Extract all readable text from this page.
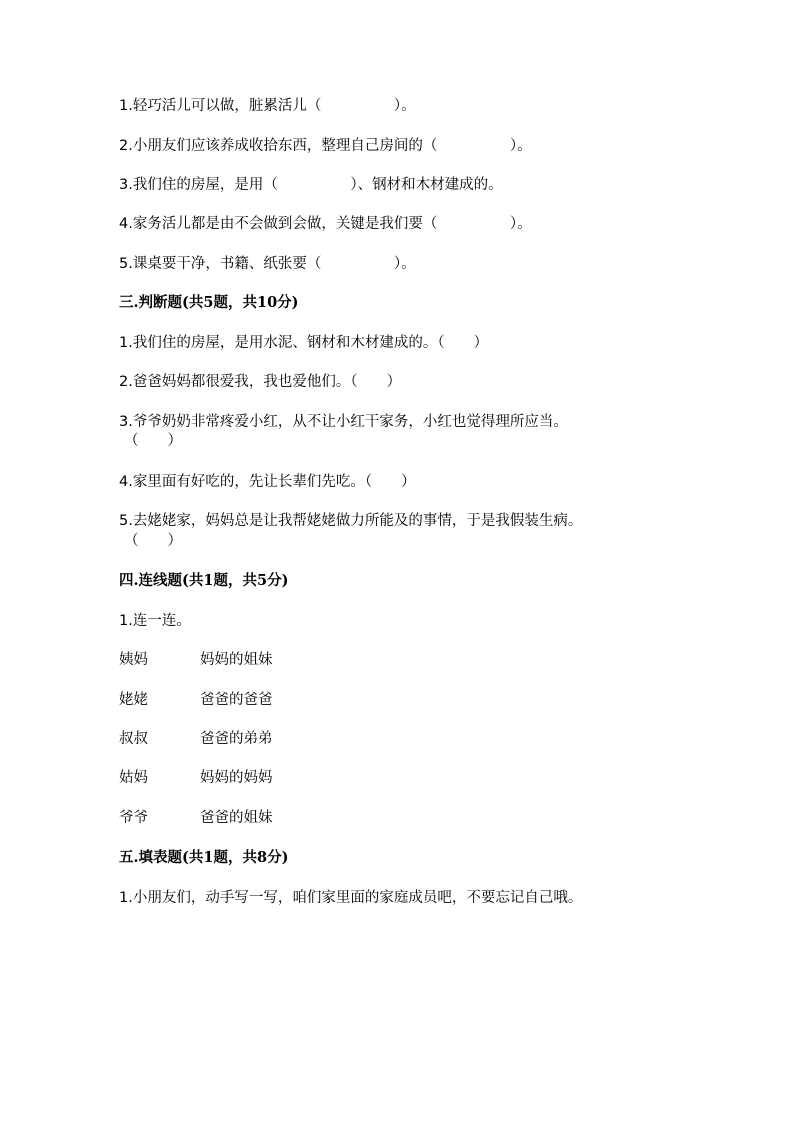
1.轻巧活儿可以做，脏累活儿（　　　　　）。
2.小朋友们应该养成收拾东西，整理自己房间的（　　　　　）。
3.我们住的房屋，是用（　　　　　）、钢材和木材建成的。
4.家务活儿都是由不会做到会做，关键是我们要（　　　　　）。
5.课桌要干净，书籍、纸张要（　　　　　）。
三.判断题(共5题，共10分)
1.我们住的房屋，是用水泥、钢材和木材建成的。（　　）
2.爸爸妈妈都很爱我，我也爱他们。（　　）
3.爷爷奶奶非常疼爱小红，从不让小红干家务，小红也觉得理所应当。
（　　）
4.家里面有好吃的，先让长辈们先吃。（　　）
5.去姥姥家，妈妈总是让我帮姥姥做力所能及的事情，于是我假装生病。
（　　）
四.连线题(共1题，共5分)
1.连一连。
姨妈	妈妈的姐妹
姥姥	爸爸的爸爸
叔叔	爸爸的弟弟
姑妈	妈妈的妈妈
爷爷	爸爸的姐妹
五.填表题(共1题，共8分)
1.小朋友们，动手写一写，咱们家里面的家庭成员吧，不要忘记自己哦。
